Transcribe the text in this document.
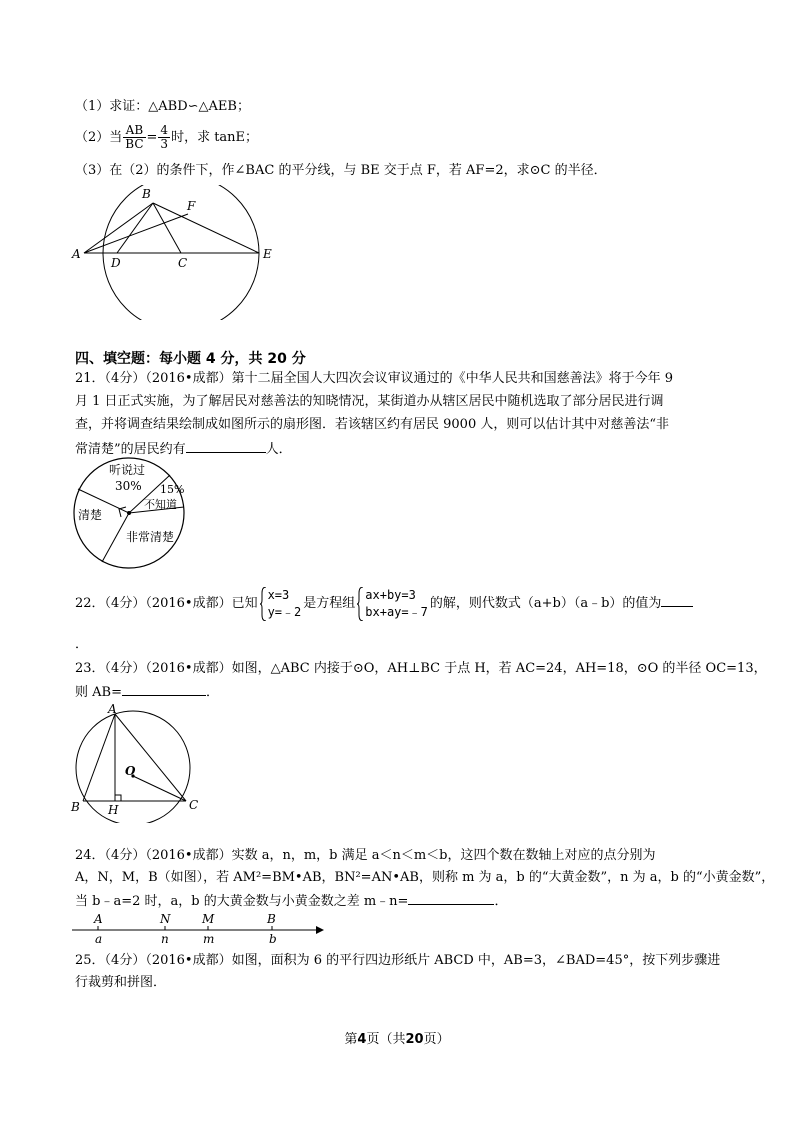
（1）求证：△ABD∽△AEB；
（2）当 $\frac{AB}{BC} = \frac{4}{3}$ 时，求 tanE；
（3）在（2）的条件下，作∠BAC 的平分线，与 BE 交于点 F，若 AF=2，求⊙C 的半径．
A
B
C
D
E
F
四、填空题：每小题 4 分，共 20 分
21．（4分）（2016•成都）第十二届全国人大四次会议审议通过的《中华人民共和国慈善法》将于今年 9
月 1 日正式实施，为了解居民对慈善法的知晓情况，某街道办从辖区居民中随机选取了部分居民进行调
查，并将调查结果绘制成如图所示的扇形图．若该辖区约有居民 9000 人，则可以估计其中对慈善法“非
常清楚”的居民约有	人．
听说过
30% 15%
不知道
清楚
非常清楚
22．（4分）（2016•成都）已知
x=3
y=﹣2
是方程组
ax+by=3
bx+ay=﹣7
的解，则代数式（a+b）（a﹣b）的值为
．
23．（4分）（2016•成都）如图，△ABC 内接于⊙O，AH⊥BC 于点 H，若 AC=24，AH=18，⊙O 的半径 OC=13，
则 AB=	．
A
B	C
H
O
24．（4分）（2016•成都）实数 a，n，m，b 满足 a＜n＜m＜b，这四个数在数轴上对应的点分别为
A，N，M，B（如图），若 AM²=BM•AB，BN²=AN•AB，则称 m 为 a，b 的“大黄金数”，n 为 a，b 的“小黄金数”，
当 b﹣a=2 时，a，b 的大黄金数与小黄金数之差 m﹣n=	．
A	N	M	B
a	n	m	b
25．（4分）（2016•成都）如图，面积为 6 的平行四边形纸片 ABCD 中，AB=3，∠BAD=45°，按下列步骤进
行裁剪和拼图．
第4页（共20页）
